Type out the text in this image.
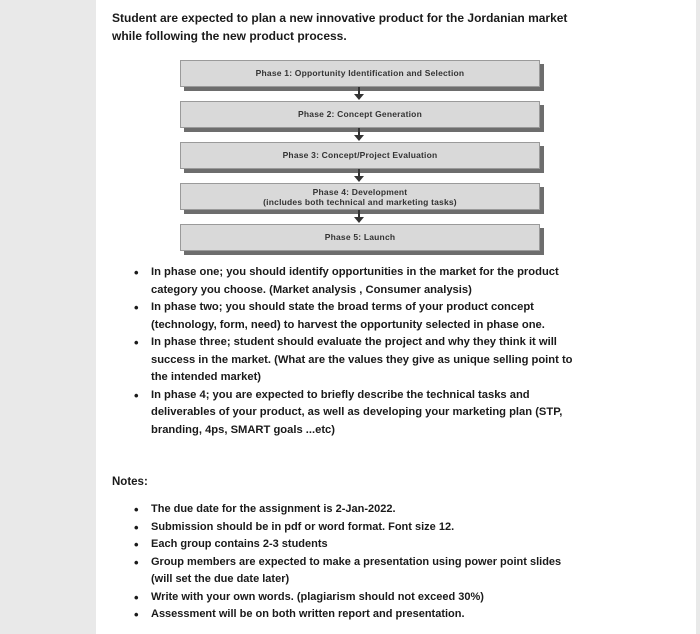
Student are expected to plan a new innovative product for the Jordanian market while following the new product process.
Phase 1: Opportunity Identification and Selection
Phase 2: Concept Generation
Phase 3: Concept/Project Evaluation
Phase 4: Development
(includes both technical and marketing tasks)
Phase 5: Launch
• In phase one; you should identify opportunities in the market for the product category you choose. (Market analysis , Consumer analysis)
• In phase two; you should state the broad terms of your product concept (technology, form, need) to harvest the opportunity selected in phase one.
• In phase three; student should evaluate the project and why they think it will success in the market. (What are the values they give as unique selling point to the intended market)
• In phase 4; you are expected to briefly describe the technical tasks and deliverables of your product, as well as developing your marketing plan (STP, branding, 4ps, SMART goals ...etc)
Notes:
• The due date for the assignment is 2-Jan-2022.
• Submission should be in pdf or word format. Font size 12.
• Each group contains 2-3 students
• Group members are expected to make a presentation using power point slides (will set the due date later)
• Write with your own words. (plagiarism should not exceed 30%)
• Assessment will be on both written report and presentation.
